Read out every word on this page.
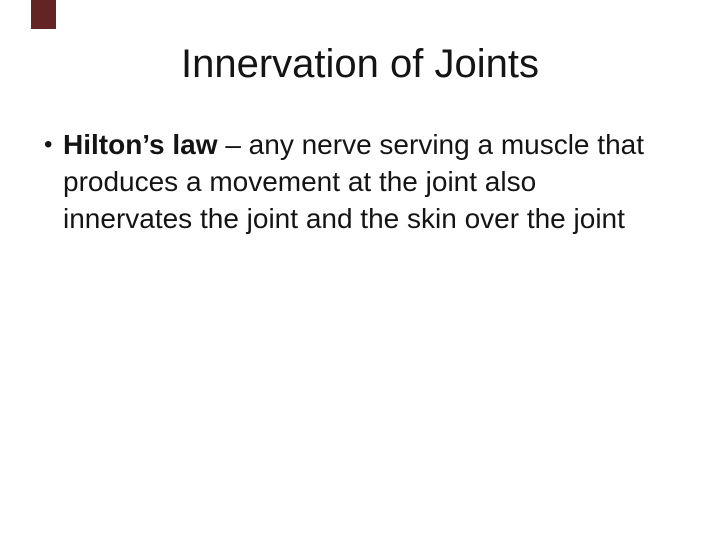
Innervation of Joints
• Hilton’s law – any nerve serving a muscle that
produces a movement at the joint also
innervates the joint and the skin over the joint
